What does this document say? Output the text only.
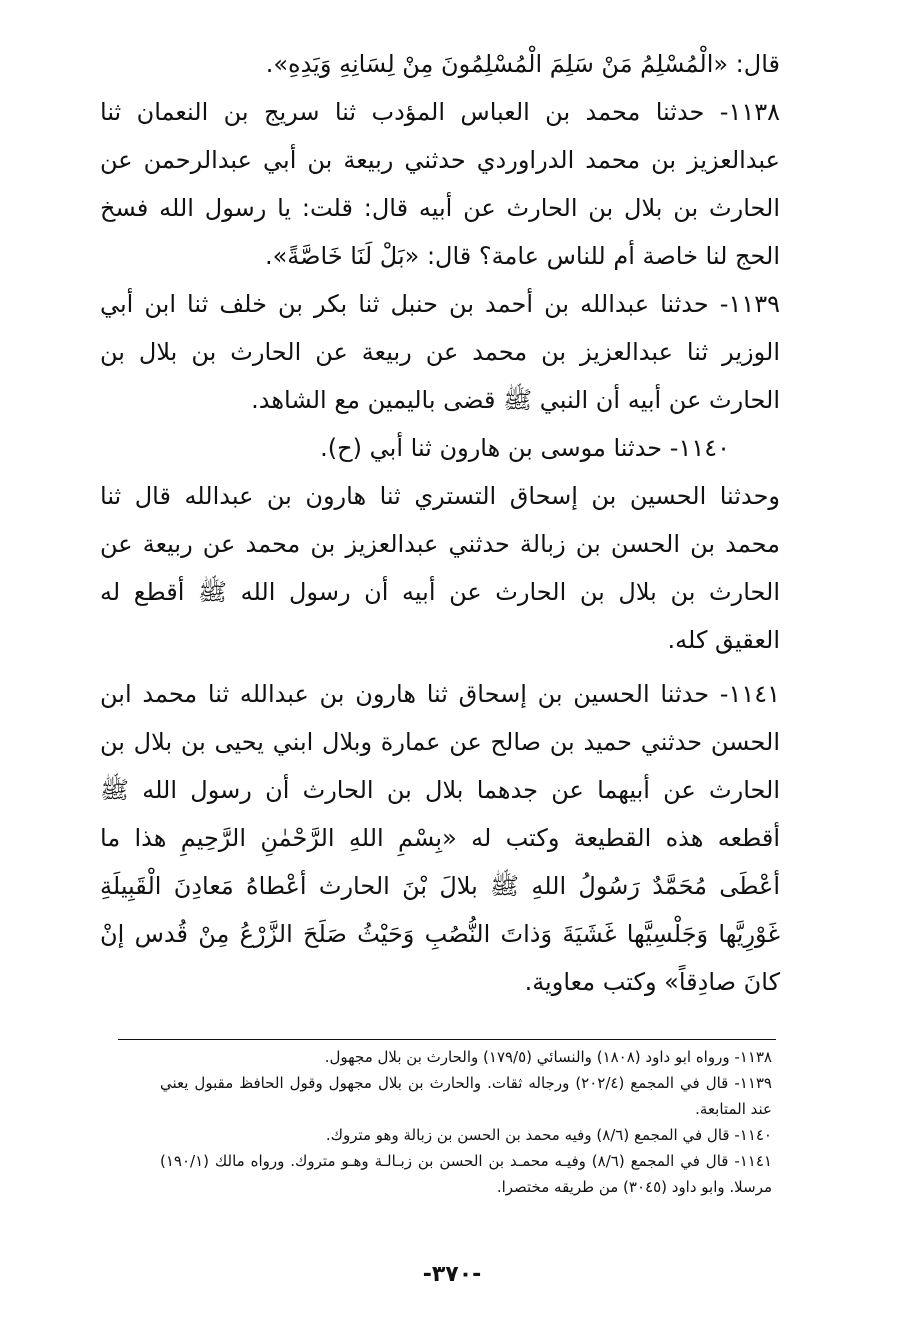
قال: «الْمُسْلِمُ مَنْ سَلِمَ الْمُسْلِمُونَ مِنْ لِسَانِهِ وَيَدِهِ».

١١٣٨- حدثنا محمد بن العباس المؤدب ثنا سريج بن النعمان ثنا عبدالعزيز بن محمد الدراوردي حدثني ربيعة بن أبي عبدالرحمن عن الحارث بن بلال بن الحارث عن أبيه قال: قلت: يا رسول الله فسخ الحج لنا خاصة أم للناس عامة؟ قال: «بَلْ لَنَا خَاصَّةً».

١١٣٩- حدثنا عبدالله بن أحمد بن حنبل ثنا بكر بن خلف ثنا ابن أبي الوزير ثنا عبدالعزيز بن محمد عن ربيعة عن الحارث بن بلال بن الحارث عن أبيه أن النبي ﷺ قضى باليمين مع الشاهد.

١١٤٠- حدثنا موسى بن هارون ثنا أبي (ح).

وحدثنا الحسين بن إسحاق التستري ثنا هارون بن عبدالله قال ثنا محمد بن الحسن بن زبالة حدثني عبدالعزيز بن محمد عن ربيعة عن الحارث بن بلال بن الحارث عن أبيه أن رسول الله ﷺ أقطع له العقيق كله.

١١٤١- حدثنا الحسين بن إسحاق ثنا هارون بن عبدالله ثنا محمد ابن الحسن حدثني حميد بن صالح عن عمارة وبلال ابني يحيى بن بلال بن الحارث عن أبيهما عن جدهما بلال بن الحارث أن رسول الله ﷺ أقطعه هذه القطيعة وكتب له «بِسْمِ اللهِ الرَّحْمٰنِ الرَّحِيمِ هذا ما أعْطَى مُحَمَّدٌ رَسُولُ اللهِ ﷺ بلالَ بْنَ الحارث أعْطاهُ مَعادِنَ الْقَبِيلَةِ غَوْرِيَّها وَجَلْسِيَّها غَشَيَةَ وَذاتَ النُّصُبِ وَحَيْثُ صَلَحَ الزَّرْعُ مِنْ قُدس إنْ كانَ صادِقاً» وكتب معاوية.

١١٣٨- ورواه ابو داود (١٨٠٨) والنسائي (١٧٩/٥) والحارث بن بلال مجهول.

١١٣٩- قال في المجمع (٢٠٢/٤) ورجاله ثقات. والحارث بن بلال مجهول وقول الحافظ مقبول يعني عند المتابعة.

١١٤٠- قال في المجمع (٨/٦) وفيه محمد بن الحسن بن زبالة وهو متروك.

١١٤١- قال في المجمع (٨/٦) وفيـه محمـد بن الحسن بن زبـالـة وهـو متروك. ورواه مالك (١٩٠/١) مرسلا. وابو داود (٣٠٤٥) من طريقه مختصرا.

-٣٧٠-
